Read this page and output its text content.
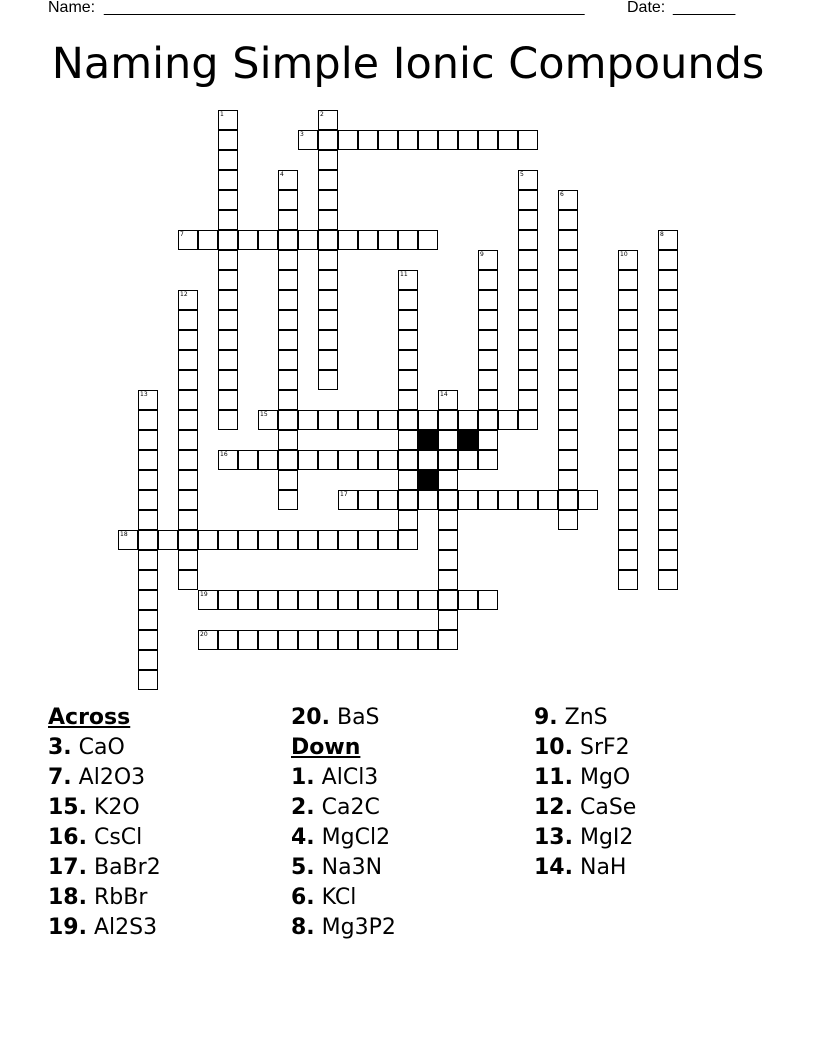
Name: ______________________________________________________	Date: _______
Naming Simple Ionic Compounds
1	2
3
4	5
6
7	8
9	10
11
12
13	14
15
16
17
18
19
20
Across
3. CaO
7. Al2O3
15. K2O
16. CsCl
17. BaBr2
18. RbBr
19. Al2S3
20. BaS
Down
1. AlCl3
2. Ca2C
4. MgCl2
5. Na3N
6. KCl
8. Mg3P2
9. ZnS
10. SrF2
11. MgO
12. CaSe
13. MgI2
14. NaH
